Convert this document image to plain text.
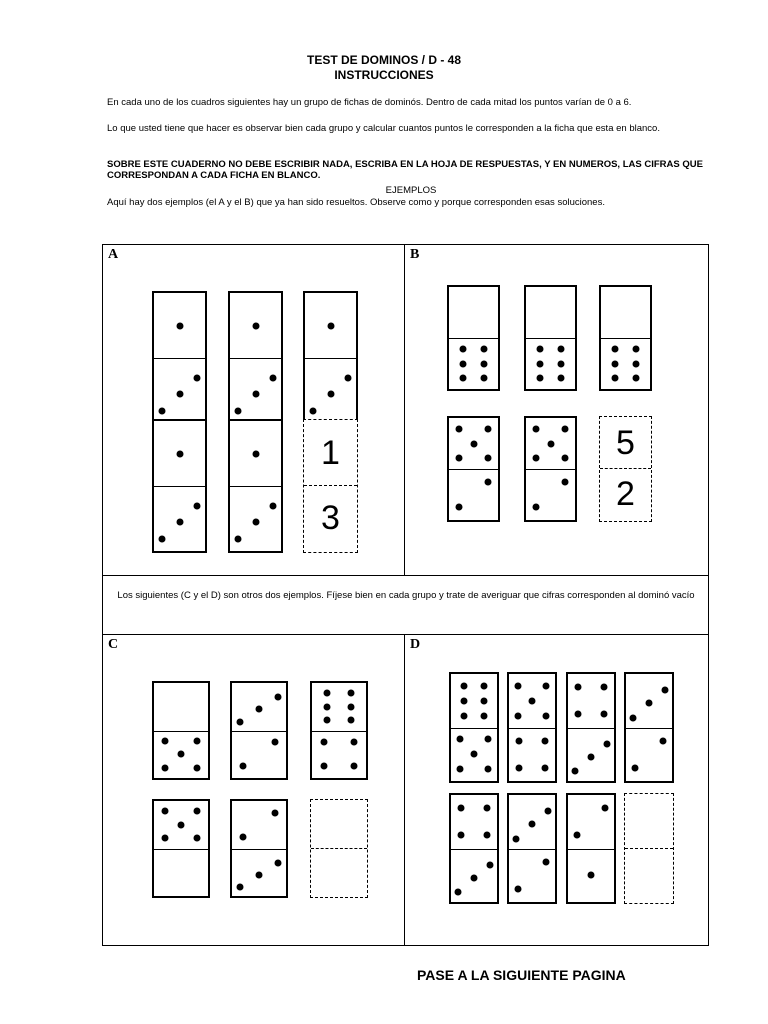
TEST DE DOMINOS / D - 48
INSTRUCCIONES
En cada uno de los cuadros siguientes hay un grupo de fichas de dominós. Dentro de cada mitad los puntos varían de 0 a 6.
Lo que usted tiene que hacer es observar bien cada grupo y calcular cuantos puntos le corresponden a la ficha que esta en blanco.
SOBRE ESTE CUADERNO NO DEBE ESCRIBIR NADA, ESCRIBA EN LA HOJA DE RESPUESTAS, Y EN NUMEROS, LAS CIFRAS QUE CORRESPONDAN A CADA FICHA EN BLANCO.
EJEMPLOS
Aquí hay dos ejemplos (el A y el B) que ya han sido resueltos. Observe como y porque corresponden esas soluciones.
A	B
C	D
Los siguientes (C y el D) son otros dos ejemplos. Fíjese bien en cada grupo y trate de averiguar que cifras corresponden al dominó vacío
1
3
5
2
PASE A LA SIGUIENTE PAGINA
